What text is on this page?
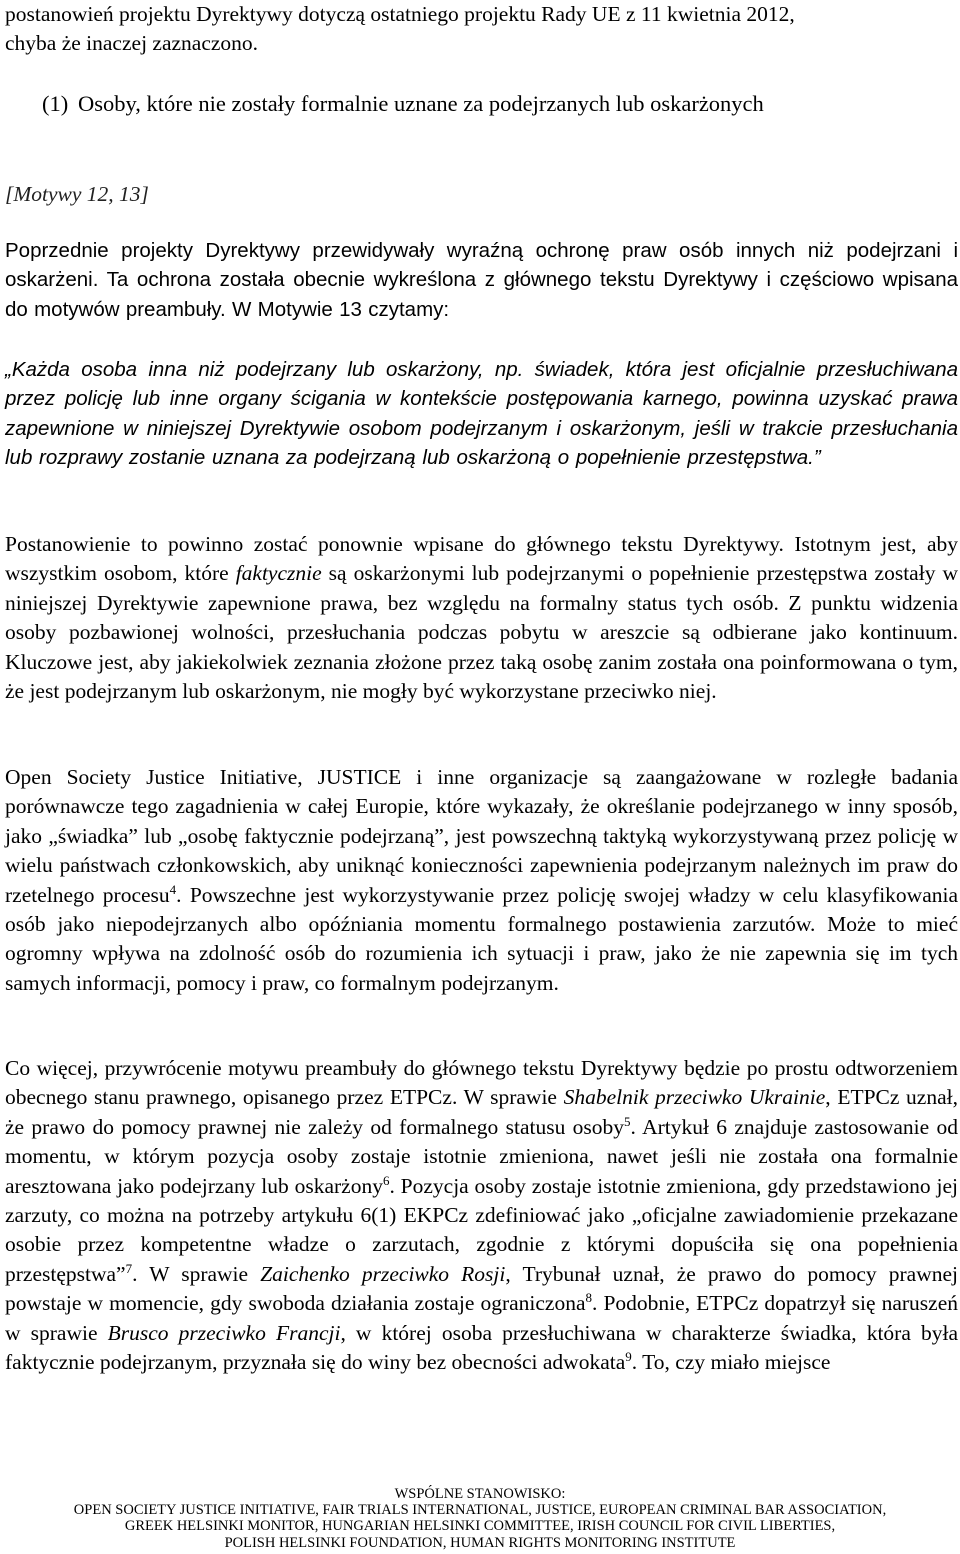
postanowień projektu Dyrektywy dotyczą ostatniego projektu Rady UE z 11 kwietnia 2012,
chyba że inaczej zaznaczono.
(1) Osoby, które nie zostały formalnie uznane za podejrzanych lub oskarżonych
[Motywy 12, 13]
Poprzednie projekty Dyrektywy przewidywały wyraźną ochronę praw osób innych niż podejrzani i oskarżeni. Ta ochrona została obecnie wykreślona z głównego tekstu Dyrektywy i częściowo wpisana do motywów preambuły. W Motywie 13 czytamy:
„Każda osoba inna niż podejrzany lub oskarżony, np. świadek, która jest oficjalnie przesłuchiwana przez policję lub inne organy ścigania w kontekście postępowania karnego, powinna uzyskać prawa zapewnione w niniejszej Dyrektywie osobom podejrzanym i oskarżonym, jeśli w trakcie przesłuchania lub rozprawy zostanie uznana za podejrzaną lub oskarżoną o popełnienie przestępstwa.”
Postanowienie to powinno zostać ponownie wpisane do głównego tekstu Dyrektywy. Istotnym jest, aby wszystkim osobom, które faktycznie są oskarżonymi lub podejrzanymi o popełnienie przestępstwa zostały w niniejszej Dyrektywie zapewnione prawa, bez względu na formalny status tych osób. Z punktu widzenia osoby pozbawionej wolności, przesłuchania podczas pobytu w areszcie są odbierane jako kontinuum. Kluczowe jest, aby jakiekolwiek zeznania złożone przez taką osobę zanim została ona poinformowana o tym, że jest podejrzanym lub oskarżonym, nie mogły być wykorzystane przeciwko niej.
Open Society Justice Initiative, JUSTICE i inne organizacje są zaangażowane w rozległe badania porównawcze tego zagadnienia w całej Europie, które wykazały, że określanie podejrzanego w inny sposób, jako „świadka” lub „osobę faktycznie podejrzaną”, jest powszechną taktyką wykorzystywaną przez policję w wielu państwach członkowskich, aby uniknąć konieczności zapewnienia podejrzanym należnych im praw do rzetelnego procesu$^4$. Powszechne jest wykorzystywanie przez policję swojej władzy w celu klasyfikowania osób jako niepodejrzanych albo opóźniania momentu formalnego postawienia zarzutów. Może to mieć ogromny wpływa na zdolność osób do rozumienia ich sytuacji i praw, jako że nie zapewnia się im tych samych informacji, pomocy i praw, co formalnym podejrzanym.
Co więcej, przywrócenie motywu preambuły do głównego tekstu Dyrektywy będzie po prostu odtworzeniem obecnego stanu prawnego, opisanego przez ETPCz. W sprawie Shabelnik przeciwko Ukrainie, ETPCz uznał, że prawo do pomocy prawnej nie zależy od formalnego statusu osoby$^5$. Artykuł 6 znajduje zastosowanie od momentu, w którym pozycja osoby zostaje istotnie zmieniona, nawet jeśli nie została ona formalnie aresztowana jako podejrzany lub oskarżony$^6$. Pozycja osoby zostaje istotnie zmieniona, gdy przedstawiono jej zarzuty, co można na potrzeby artykułu 6(1) EKPCz zdefiniować jako „oficjalne zawiadomienie przekazane osobie przez kompetentne władze o zarzutach, zgodnie z którymi dopuściła się ona popełnienia przestępstwa”$^7$. W sprawie Zaichenko przeciwko Rosji, Trybunał uznał, że prawo do pomocy prawnej powstaje w momencie, gdy swoboda działania zostaje ograniczona$^8$. Podobnie, ETPCz dopatrzył się naruszeń w sprawie Brusco przeciwko Francji, w której osoba przesłuchiwana w charakterze świadka, która była faktycznie podejrzanym, przyznała się do winy bez obecności adwokata$^9$. To, czy miało miejsce
WSPÓLNE STANOWISKO:
OPEN SOCIETY JUSTICE INITIATIVE, FAIR TRIALS INTERNATIONAL, JUSTICE, EUROPEAN CRIMINAL BAR ASSOCIATION,
GREEK HELSINKI MONITOR, HUNGARIAN HELSINKI COMMITTEE, IRISH COUNCIL FOR CIVIL LIBERTIES,
POLISH HELSINKI FOUNDATION, HUMAN RIGHTS MONITORING INSTITUTE
